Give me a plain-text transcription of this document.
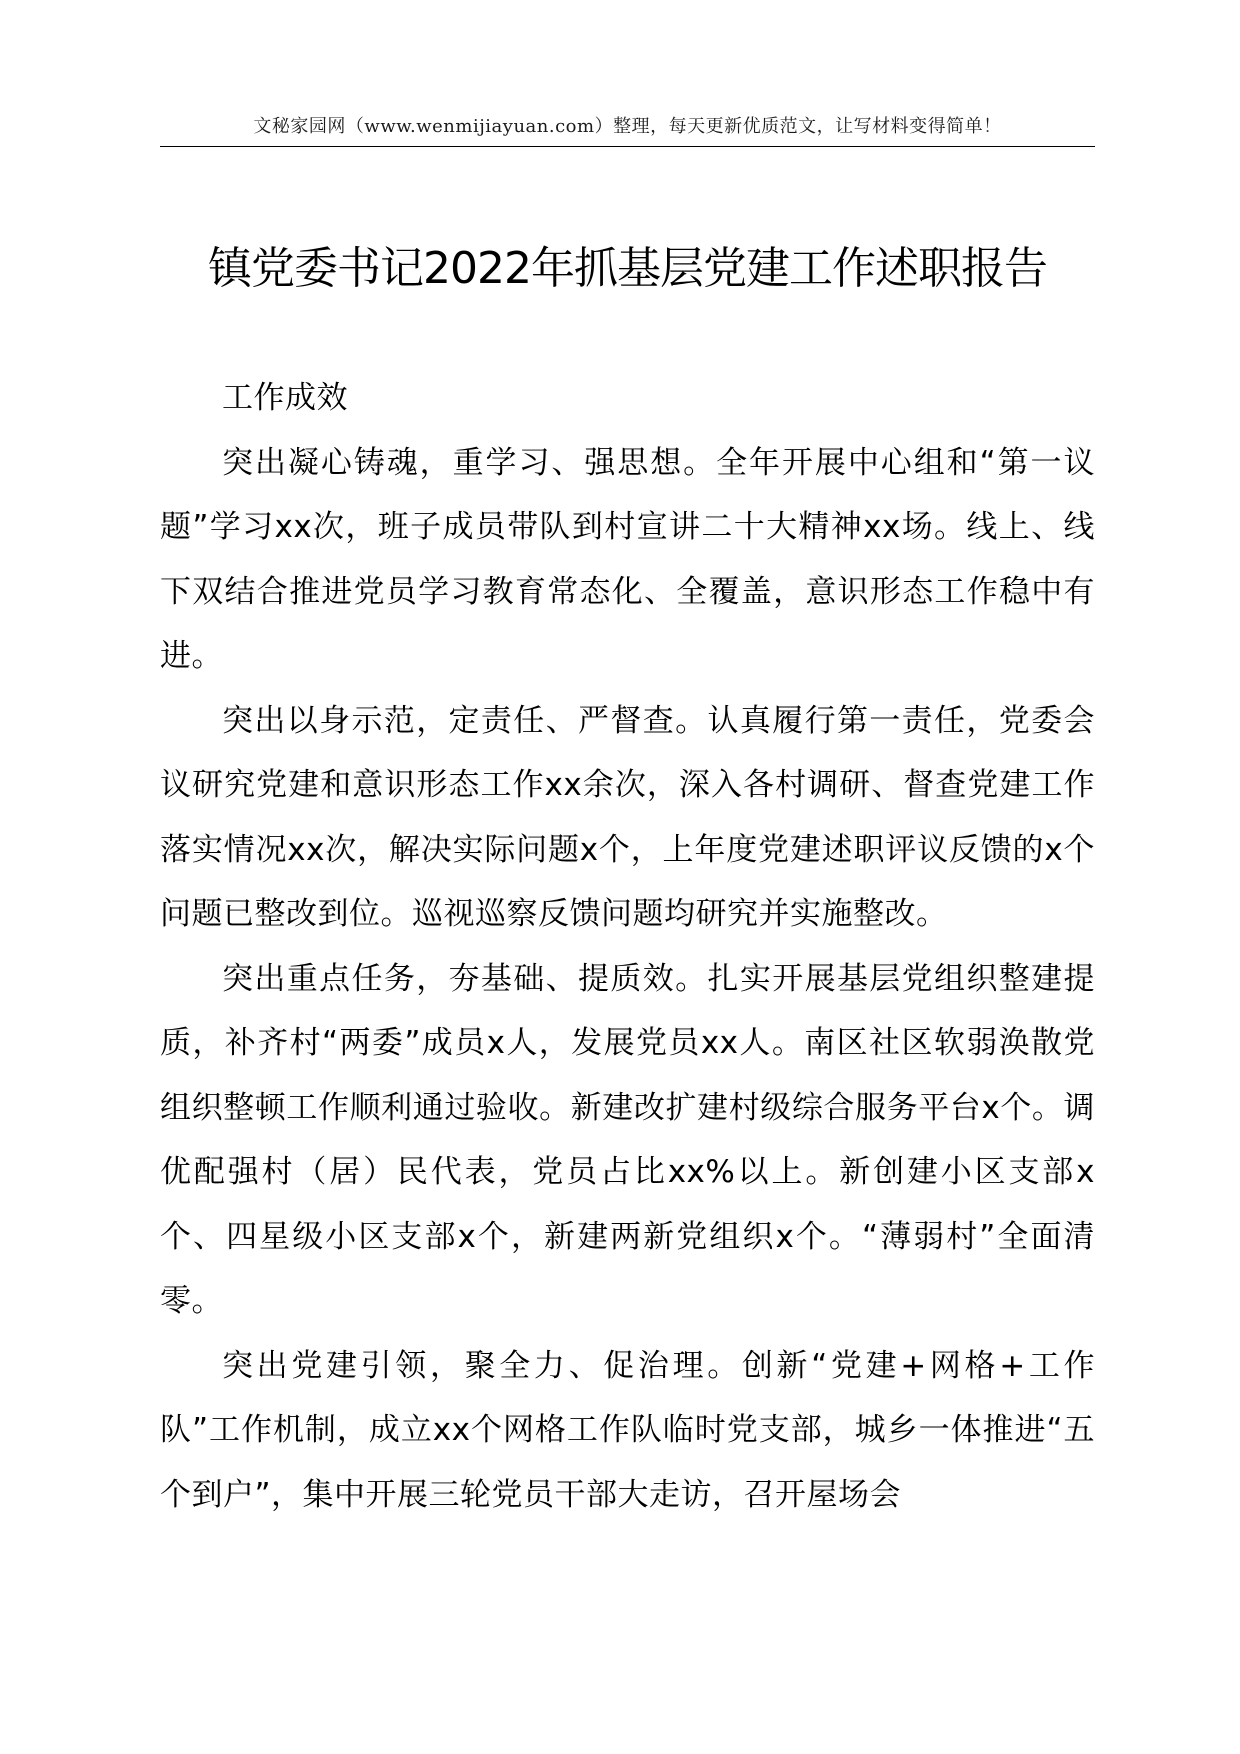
文秘家园网（www.wenmijiayuan.com）整理，每天更新优质范文，让写材料变得简单！
镇党委书记2022年抓基层党建工作述职报告

工作成效

突出凝心铸魂，重学习、强思想。全年开展中心组和“第一议题”学习xx次，班子成员带队到村宣讲二十大精神xx场。线上、线下双结合推进党员学习教育常态化、全覆盖，意识形态工作稳中有进。

突出以身示范，定责任、严督查。认真履行第一责任，党委会议研究党建和意识形态工作xx余次，深入各村调研、督查党建工作落实情况xx次，解决实际问题x个，上年度党建述职评议反馈的x个问题已整改到位。巡视巡察反馈问题均研究并实施整改。

突出重点任务，夯基础、提质效。扎实开展基层党组织整建提质，补齐村“两委”成员x人，发展党员xx人。南区社区软弱涣散党组织整顿工作顺利通过验收。新建改扩建村级综合服务平台x个。调优配强村（居）民代表，党员占比xx%以上。新创建小区支部x个、四星级小区支部x个，新建两新党组织x个。“薄弱村”全面清零。

突出党建引领，聚全力、促治理。创新“党建+网格+工作队”工作机制，成立xx个网格工作队临时党支部，城乡一体推进“五个到户”，集中开展三轮党员干部大走访，召开屋场会
